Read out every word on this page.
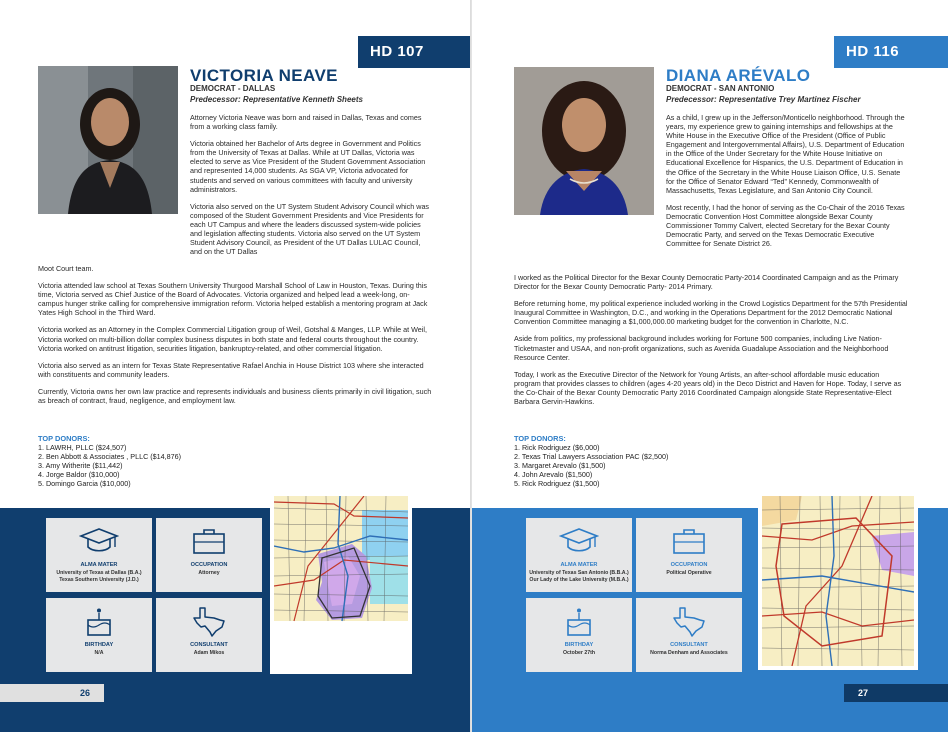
HD 107
VICTORIA NEAVE
DEMOCRAT - DALLAS
Predecessor: Representative Kenneth Sheets

Attorney Victoria Neave was born and raised in Dallas, Texas and comes from a working class family.

Victoria obtained her Bachelor of Arts degree in Government and Politics from the University of Texas at Dallas. While at UT Dallas, Victoria was elected to serve as Vice President of the Student Government Association and represented 14,000 students. As SGA VP, Victoria advocated for students and served on various committees with faculty and university administrators.

Victoria also served on the UT System Student Advisory Council which was composed of the Student Government Presidents and Vice Presidents for each UT Campus and where the leaders discussed system-wide policies and legislation affecting students. Victoria also served on the UT System Student Advisory Council, as President of the UT Dallas LULAC Council, and on the UT Dallas

Moot Court team.

Victoria attended law school at Texas Southern University Thurgood Marshall School of Law in Houston, Texas. During this time, Victoria served as Chief Justice of the Board of Advocates. Victoria organized and helped lead a week-long, on-campus hunger strike calling for comprehensive immigration reform. Victoria helped establish a mentoring program at Jack Yates High School in the Third Ward.

Victoria worked as an Attorney in the Complex Commercial Litigation group of Weil, Gotshal & Manges, LLP. While at Weil, Victoria worked on multi-billion dollar complex business disputes in both state and federal courts throughout the country. Victoria worked on antitrust litigation, securities litigation, bankruptcy-related, and other commercial litigation.

Victoria also served as an intern for Texas State Representative Rafael Anchia in House District 103 where she interacted with constituents and community leaders.

Currently, Victoria owns her own law practice and represents individuals and business clients primarily in civil litigation, such as breach of contract, fraud, negligence, and employment law.

TOP DONORS:
1. LAWRH, PLLC ($24,507)
2. Ben Abbott & Associates , PLLC ($14,876)
3. Amy Witherite ($11,442)
4. Jorge Baldor ($10,000)
5. Domingo Garcia ($10,000)
ALMA MATER
University of Texas at Dallas (B.A.)
Texas Southern University (J.D.)
OCCUPATION
Attorney
BIRTHDAY
N/A
CONSULTANT
Adam Mikos
26
HD 116
DIANA ARÉVALO
DEMOCRAT - SAN ANTONIO
Predecessor: Representative Trey Martinez Fischer

As a child, I grew up in the Jefferson/Monticello neighborhood. Through the years, my experience grew to gaining internships and fellowships at the White House in the Executive Office of the President (Office of Public Engagement and Intergovernmental Affairs), U.S. Department of Education in the Office of the Under Secretary for the White House Initiative on Educational Excellence for Hispanics, the U.S. Department of Education in the Office of the Secretary in the White House Liaison Office, U.S. Senate for the Office of Senator Edward “Ted” Kennedy, Commonwealth of Massachusetts, Texas Legislature, and San Antonio City Council.

Most recently, I had the honor of serving as the Co-Chair of the 2016 Texas Democratic Convention Host Committee alongside Bexar County Commissioner Tommy Calvert, elected Secretary for the Bexar County Democratic Party, and served on the Texas Democratic Executive Committee for Senate District 26.

I worked as the Political Director for the Bexar County Democratic Party-2014 Coordinated Campaign and as the Primary Director for the Bexar County Democratic Party- 2014 Primary.

Before returning home, my political experience included working in the Crowd Logistics Department for the 57th Presidential Inaugural Committee in Washington, D.C., and working in the Operations Department for the 2012 Democratic National Convention Committee managing a $1,000,000.00 marketing budget for the convention in Charlotte, N.C.

Aside from politics, my professional background includes working for Fortune 500 companies, including Live Nation-Ticketmaster and USAA, and non-profit organizations, such as Avenida Guadalupe Association and the Neighborhood Resource Center.

Today, I work as the Executive Director of the Network for Young Artists, an after-school affordable music education program that provides classes to children (ages 4-20 years old) in the Deco District and Haven for Hope. Today, I serve as the Co-Chair of the Bexar County Democratic Party 2016 Coordinated Campaign alongside State Representative-Elect Barbara Gervin-Hawkins.

TOP DONORS:
1. Rick Rodriguez ($6,000)
2. Texas Trial Lawyers Association PAC ($2,500)
3. Margaret Arevalo ($1,500)
4. John Arevalo ($1,500)
5. Rick Rodriguez ($1,500)
ALMA MATER
University of Texas San Antonio (B.B.A.)
Our Lady of the Lake University (M.B.A.)
OCCUPATION
Political Operative
BIRTHDAY
October 27th
CONSULTANT
Norma Denham and Associates
27
